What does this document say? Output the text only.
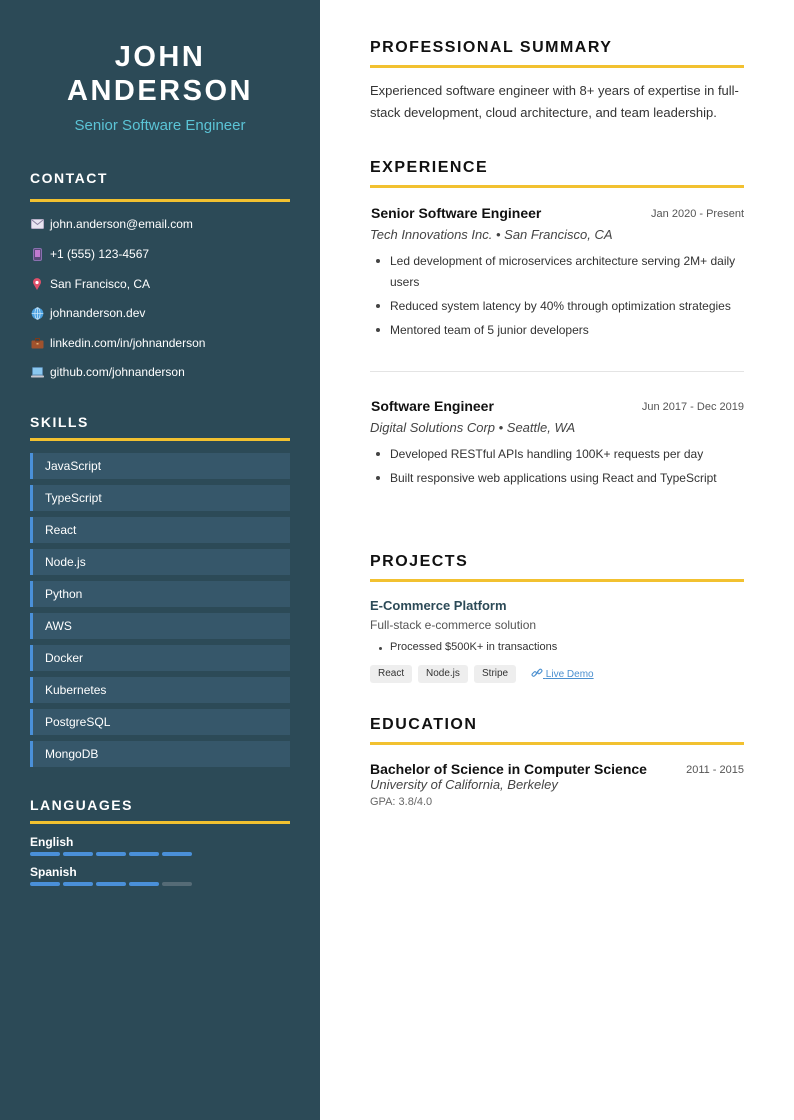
JOHN
ANDERSON
Senior Software Engineer
CONTACT
john.anderson@email.com
+1 (555) 123-4567
San Francisco, CA
johnanderson.dev
linkedin.com/in/johnanderson
github.com/johnanderson
SKILLS
JavaScript
TypeScript
React
Node.js
Python
AWS
Docker
Kubernetes
PostgreSQL
MongoDB
LANGUAGES
English
Spanish
PROFESSIONAL SUMMARY
Experienced software engineer with 8+ years of expertise in full-stack development, cloud architecture, and team leadership.
EXPERIENCE
Senior Software Engineer	Jan 2020 - Present
Tech Innovations Inc. • San Francisco, CA
Led development of microservices architecture serving 2M+ daily users
Reduced system latency by 40% through optimization strategies
Mentored team of 5 junior developers
Software Engineer	Jun 2017 - Dec 2019
Digital Solutions Corp • Seattle, WA
Developed RESTful APIs handling 100K+ requests per day
Built responsive web applications using React and TypeScript
PROJECTS
E-Commerce Platform
Full-stack e-commerce solution
Processed $500K+ in transactions
React	Node.js	Stripe	Live Demo
EDUCATION
Bachelor of Science in Computer Science	2011 - 2015
University of California, Berkeley
GPA: 3.8/4.0
